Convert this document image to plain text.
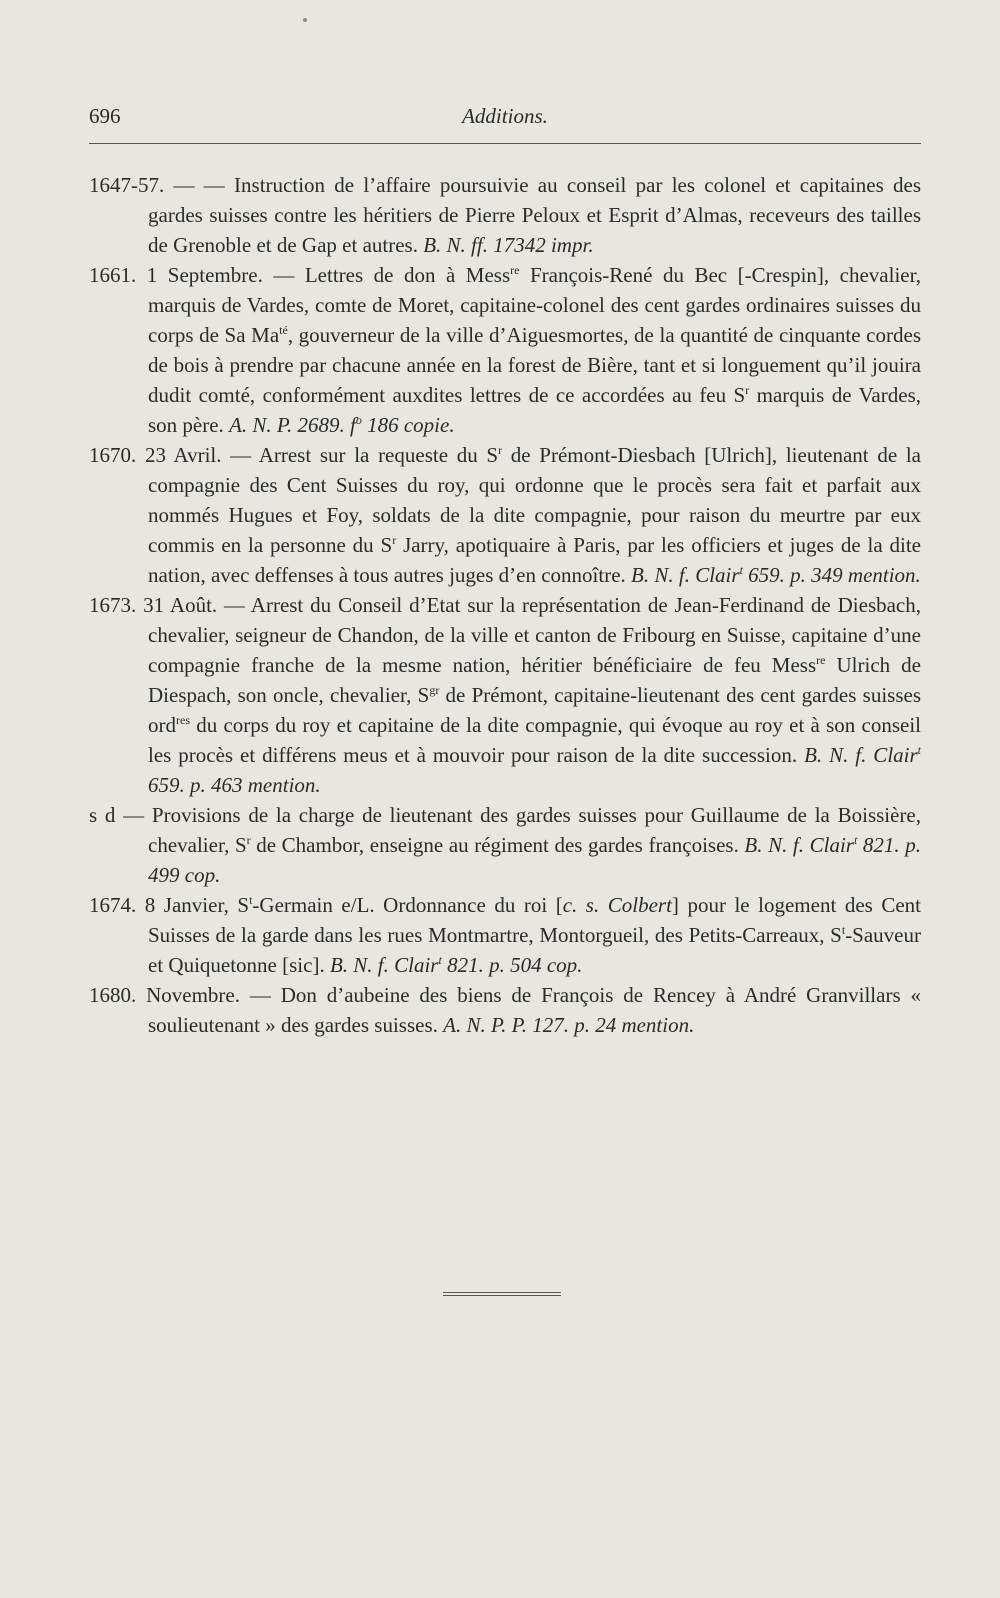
696	Additions.

1647-57. — — Instruction de l’affaire poursuivie au conseil par les colonel et capitaines des gardes suisses contre les héritiers de Pierre Peloux et Esprit d’Almas, receveurs des tailles de Grenoble et de Gap et autres. B. N. ff. 17342 impr.

1661. 1 Septembre. — Lettres de don à Mess$^{re}$ François-René du Bec [-Crespin], chevalier, marquis de Vardes, comte de Moret, capitaine-colonel des cent gardes ordinaires suisses du corps de Sa $Ma^{té}$, gouverneur de la ville d’Aiguesmortes, de la quantité de cinquante cordes de bois à prendre par chacune année en la forest de Bière, tant et si longuement qu’il jouira dudit comté, conformément auxdites lettres de ce accordées au feu $S^r$ marquis de Vardes, son père. A. N. P. 2689. $f^o$ 186 copie.

1670. 23 Avril. — Arrest sur la requeste du $S^r$ de Prémont-Diesbach [Ulrich], lieutenant de la compagnie des Cent Suisses du roy, qui ordonne que le procès sera fait et parfait aux nommés Hugues et Foy, soldats de la dite compagnie, pour raison du meurtre par eux commis en la personne du $S^r$ Jarry, apotiquaire à Paris, par les officiers et juges de la dite nation, avec deffenses à tous autres juges d’en connoître. B. N. f. Clair$^t$ 659. p. 349 mention.

1673. 31 Août. — Arrest du Conseil d’Etat sur la représentation de Jean-Ferdinand de Diesbach, chevalier, seigneur de Chandon, de la ville et canton de Fribourg en Suisse, capitaine d’une compagnie franche de la mesme nation, héritier bénéficiaire de feu Mess$^{re}$ Ulrich de Diespach, son oncle, chevalier, $S^{gr}$ de Prémont, capitaine-lieutenant des cent gardes suisses ord$^{res}$ du corps du roy et capitaine de la dite compagnie, qui évoque au roy et à son conseil les procès et différens meus et à mouvoir pour raison de la dite succession. B. N. f. Clair$^t$ 659. p. 463 mention.

s d — Provisions de la charge de lieutenant des gardes suisses pour Guillaume de la Boissière, chevalier, $S^r$ de Chambor, enseigne au régiment des gardes françoises. B. N. f. Clair$^t$ 821. p. 499 cop.

1674. 8 Janvier, $S^t$-Germain e/L. Ordonnance du roi [c. s. Colbert] pour le logement des Cent Suisses de la garde dans les rues Montmartre, Montorgueil, des Petits-Carreaux, $S^t$-Sauveur et Quiquetonne [sic]. B. N. f. Clair$^t$ 821. p. 504 cop.

1680. Novembre. — Don d’aubeine des biens de François de Rencey à André Granvillars « soulieutenant » des gardes suisses. A. N. P. P. 127. p. 24 mention.
